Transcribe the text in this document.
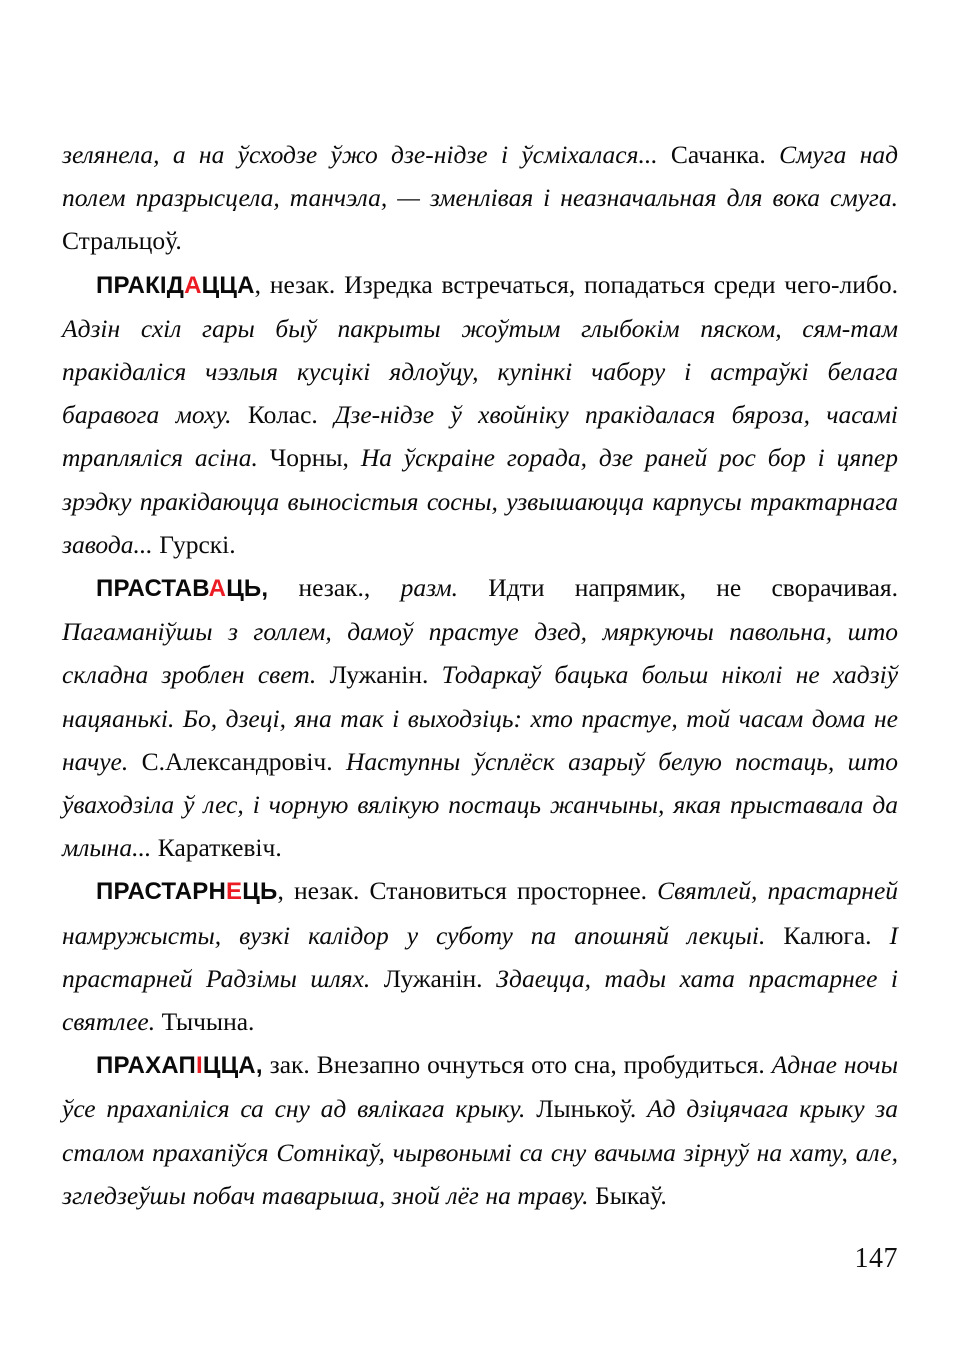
зелянела, а на ўсходзе ўжо дзе-нідзе і ўсміхалася... Сачанка. Смуга над полем празрысцела, танчэла, — зменлівая і неазначальная для вока смуга. Стральцоў.

ПРАКІДАЦЦА, незак. Изредка встречаться, попадаться среди чего-либо. Адзін схіл гары быў пакрыты жоўтым глыбокім пяском, сям-там пракідаліся чэзлыя кусцікі ядлоўцу, купінкі чабору і астраўкі белага баравога моху. Колас. Дзе-нідзе ў хвойніку пракідалася бяроза, часамі трапляліся асіна. Чорны, На ўскраіне горада, дзе раней рос бор і цяпер зрэдку пракідаюцца выносістыя сосны, узвышаюцца карпусы трактарнага завода... Гурскі.

ПРАСТАВАЦЬ, незак., разм. Идти напрямик, не сворачивая. Пагаманіўшы з голлем, дамоў прастуе дзед, мяркуючы павольна, што складна зроблен свет. Лужанін. Тодаркаў бацька больш ніколі не хадзіў нацяанькі. Бо, дзеці, яна так і выходзіць: хто прастуе, той часам дома не начуе. С.Александровіч. Наступны ўсплёск азарыў белую постаць, што ўваходзіла ў лес, і чорную вялікую постаць жанчыны, якая прыставала да млына... Караткевіч.

ПРАСТАРНЕЦЬ, незак. Становиться просторнее. Святлей, прастарней намружысты, вузкі калідор у суботу па апошняй лекцыі. Калюга. І прастарней Радзімы шлях. Лужанін. Здаецца, тады хата прастарнее і святлее. Тычына.

ПРАХАПІЦЦА, зак. Внезапно очнуться ото сна, пробудиться. Аднае ночы ўсе прахапіліся са сну ад вялікага крыку. Лынькоў. Ад дзіцячага крыку за сталом прахапіўся Сотнікаў, чырвонымі са сну вачыма зірнуў на хату, але, згледзеўшы побач таварыша, зной лёг на траву. Быкаў.

147
